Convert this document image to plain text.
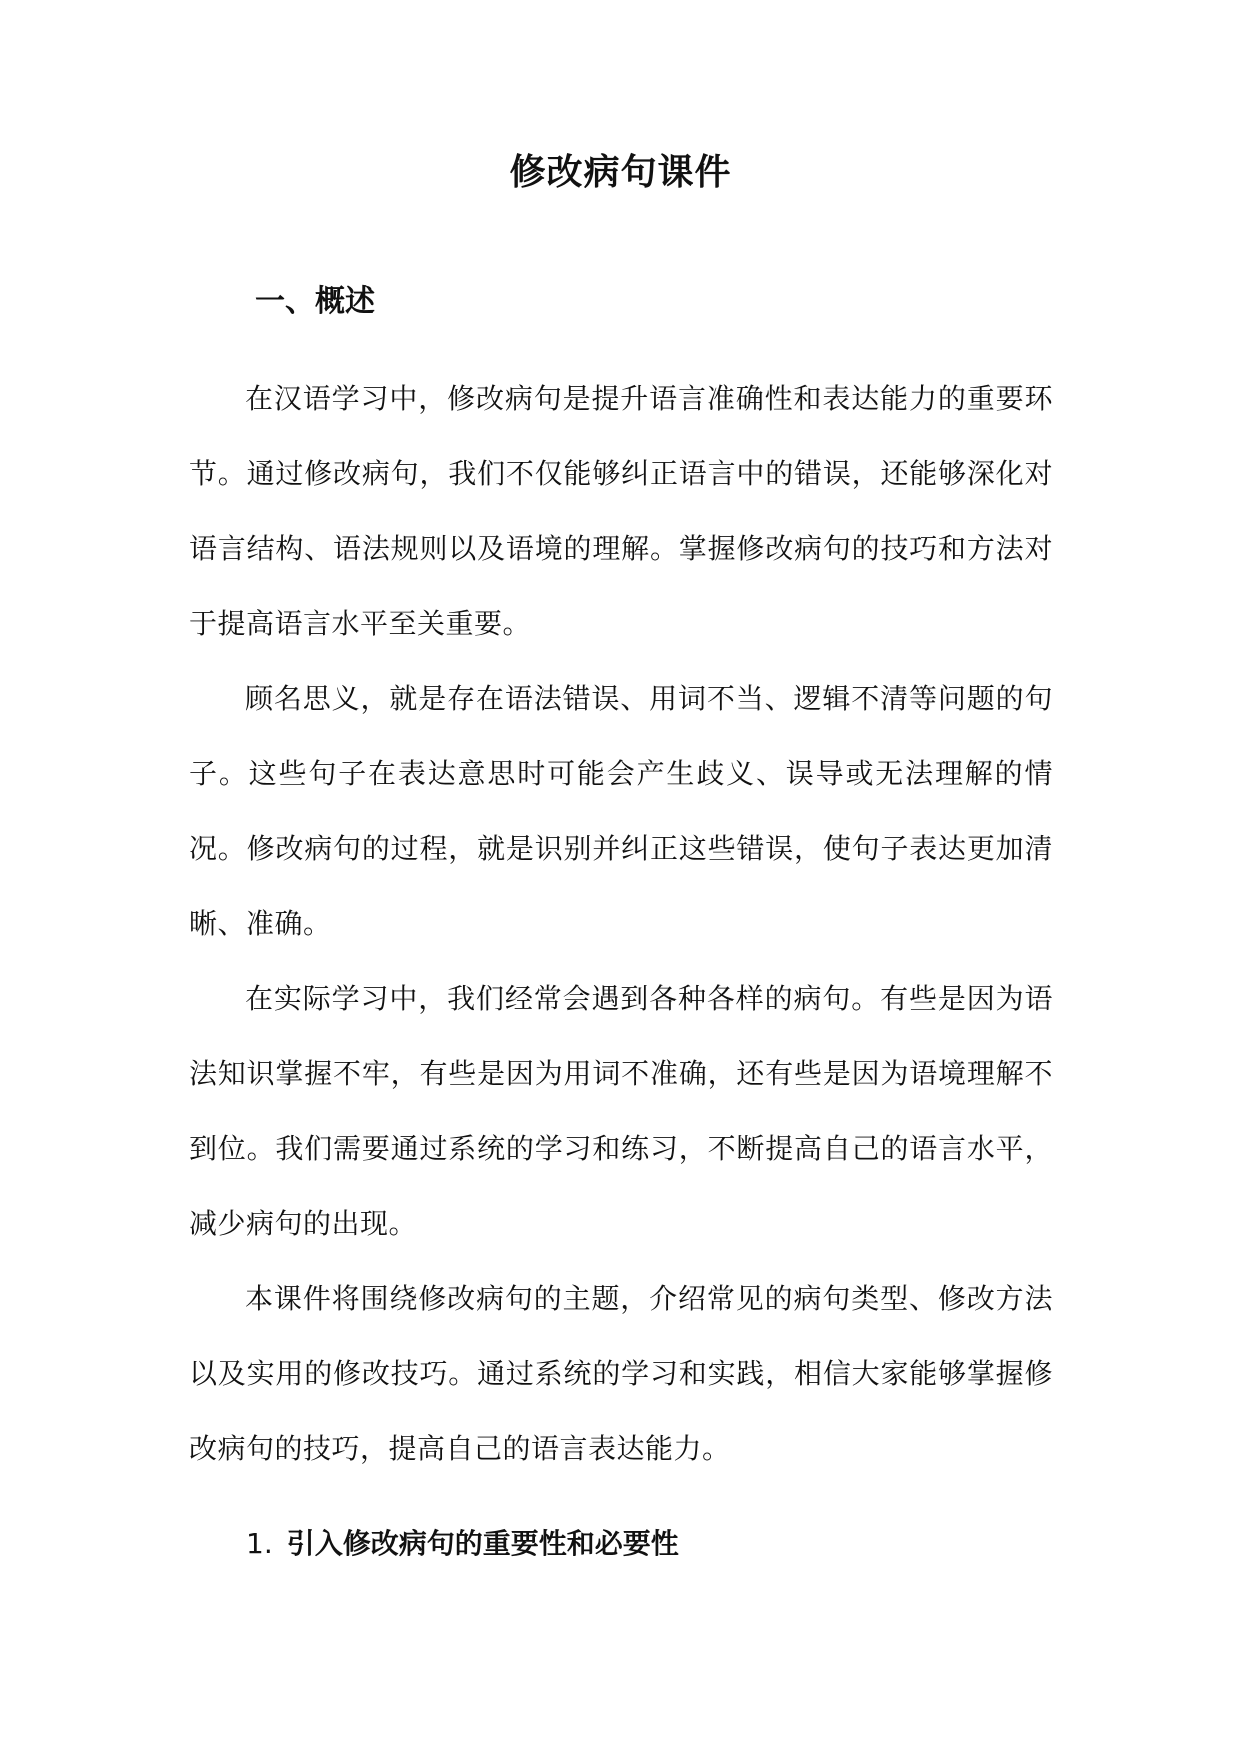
修改病句课件
一、概述

在汉语学习中，修改病句是提升语言准确性和表达能力的重要环节。通过修改病句，我们不仅能够纠正语言中的错误，还能够深化对语言结构、语法规则以及语境的理解。掌握修改病句的技巧和方法对于提高语言水平至关重要。

顾名思义，就是存在语法错误、用词不当、逻辑不清等问题的句子。这些句子在表达意思时可能会产生歧义、误导或无法理解的情况。修改病句的过程，就是识别并纠正这些错误，使句子表达更加清晰、准确。

在实际学习中，我们经常会遇到各种各样的病句。有些是因为语法知识掌握不牢，有些是因为用词不准确，还有些是因为语境理解不到位。我们需要通过系统的学习和练习，不断提高自己的语言水平，减少病句的出现。

本课件将围绕修改病句的主题，介绍常见的病句类型、修改方法以及实用的修改技巧。通过系统的学习和实践，相信大家能够掌握修改病句的技巧，提高自己的语言表达能力。

1. 引入修改病句的重要性和必要性
